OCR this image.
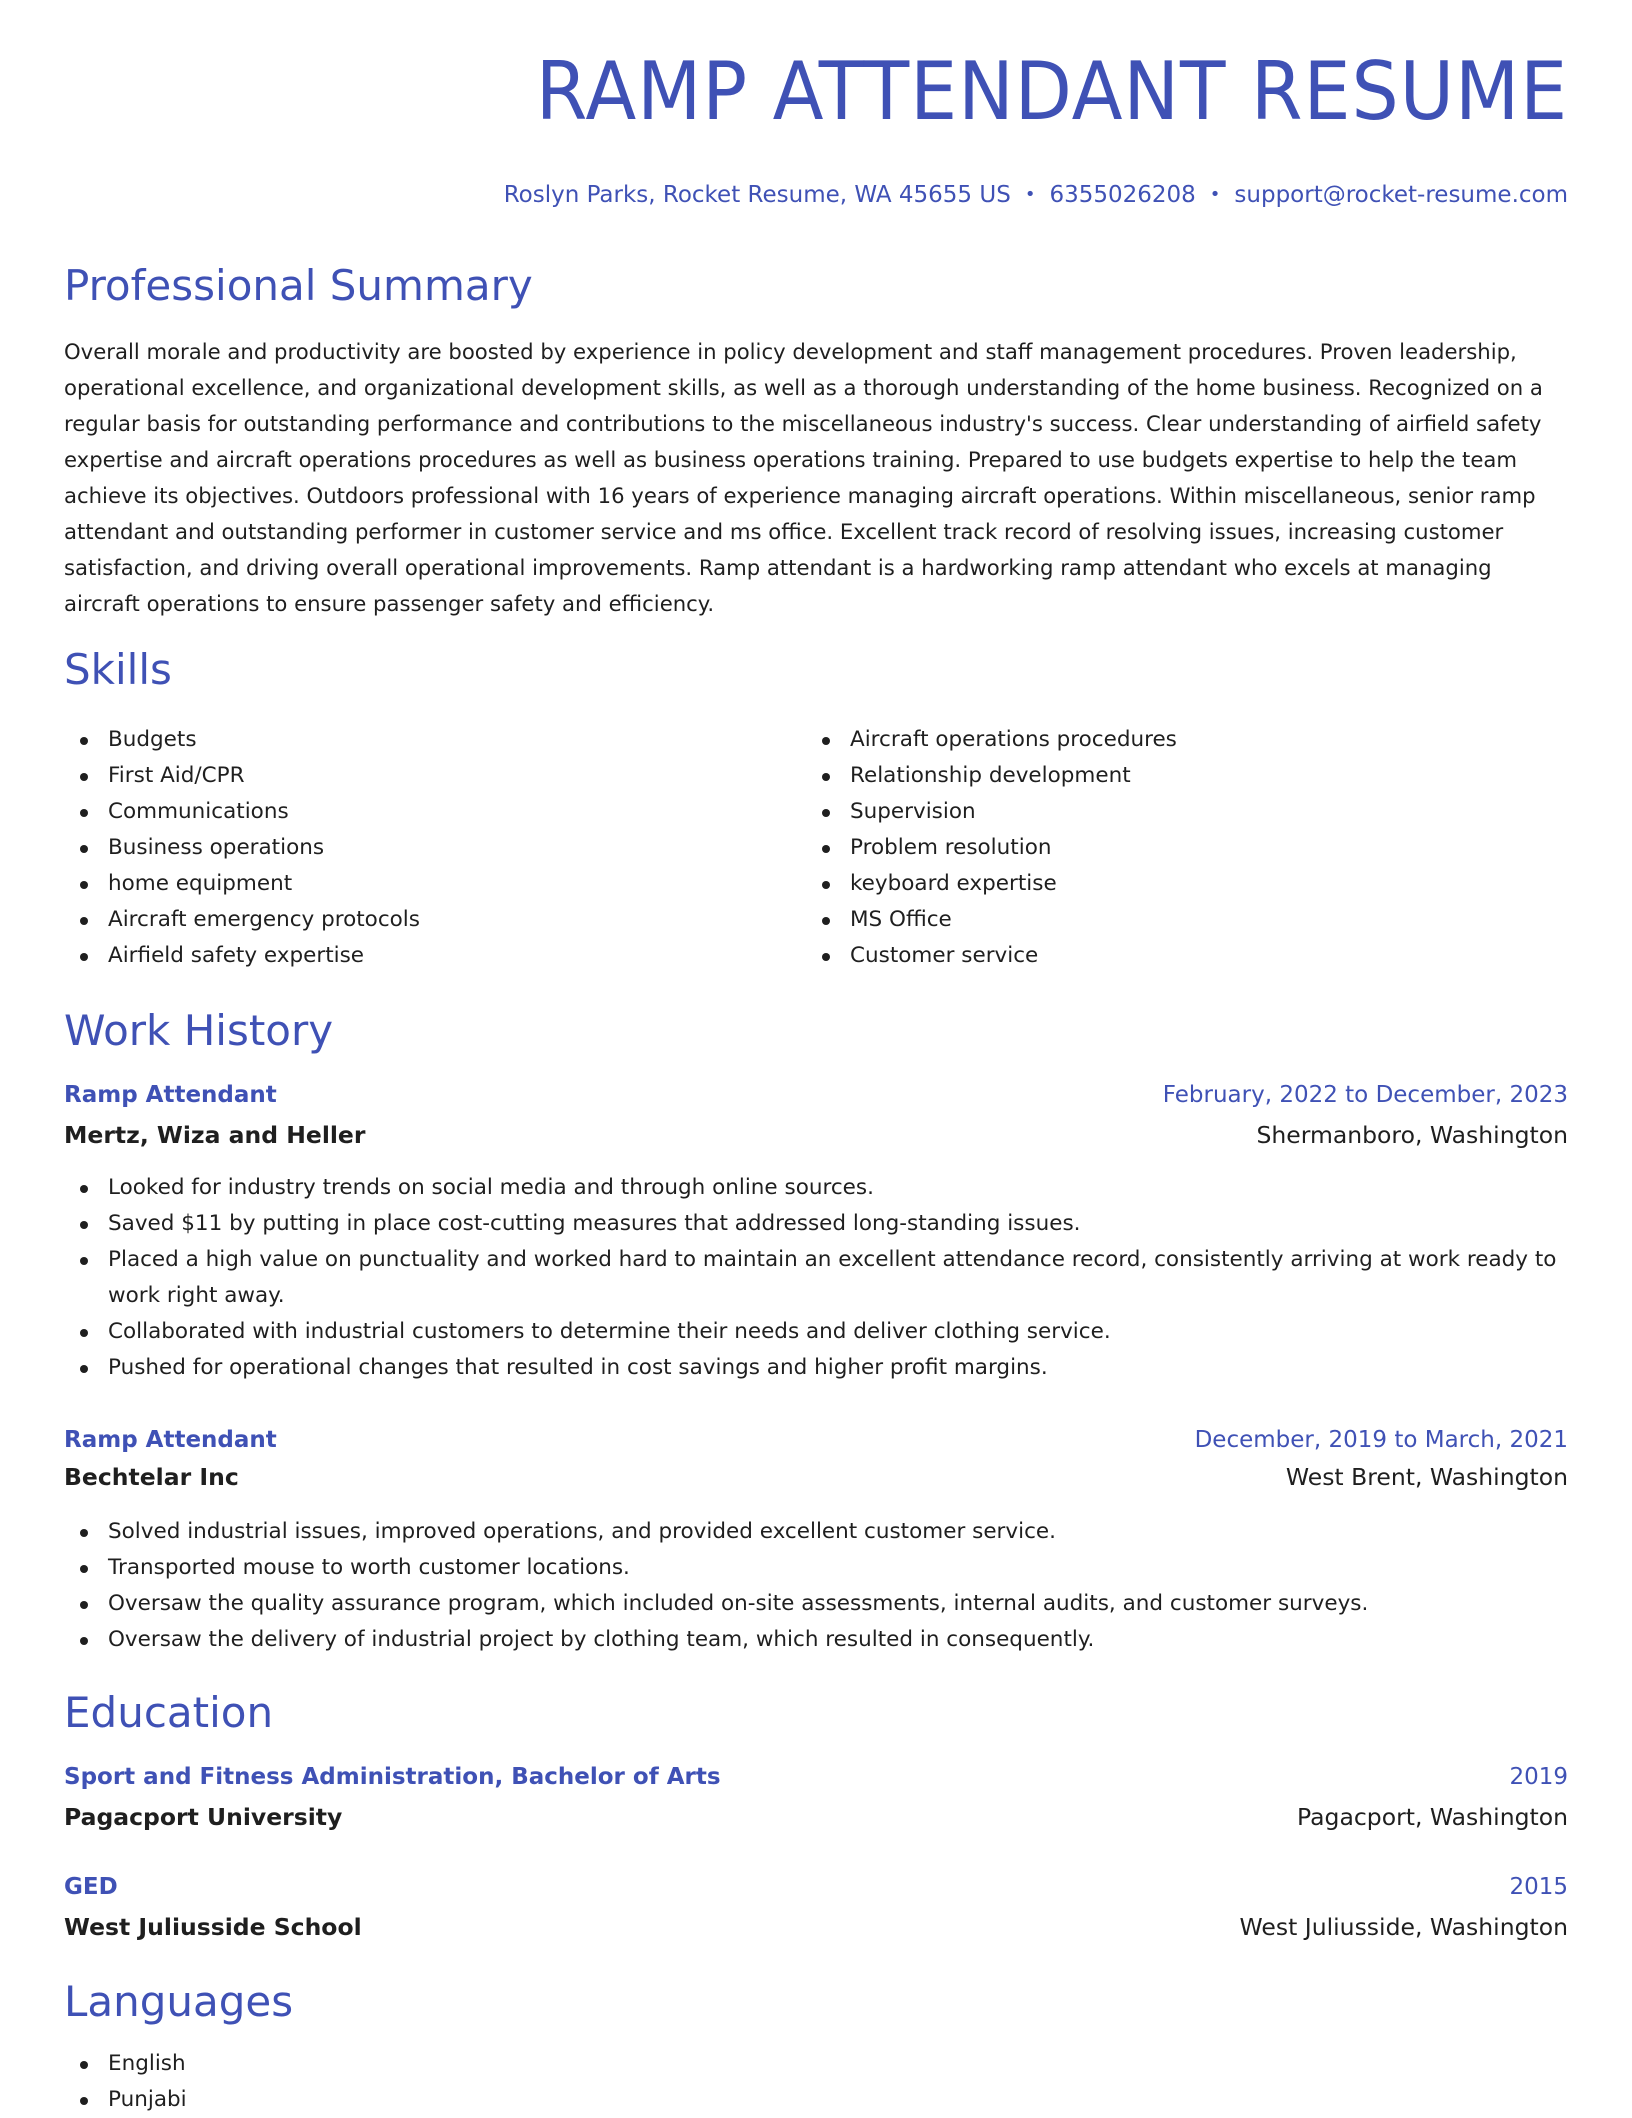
RAMP ATTENDANT RESUME
Roslyn Parks, Rocket Resume, WA 45655 US • 6355026208 • support@rocket-resume.com
Professional Summary

Overall morale and productivity are boosted by experience in policy development and staff management procedures. Proven leadership, operational excellence, and organizational development skills, as well as a thorough understanding of the home business. Recognized on a regular basis for outstanding performance and contributions to the miscellaneous industry's success. Clear understanding of airfield safety expertise and aircraft operations procedures as well as business operations training. Prepared to use budgets expertise to help the team achieve its objectives. Outdoors professional with 16 years of experience managing aircraft operations. Within miscellaneous, senior ramp attendant and outstanding performer in customer service and ms office. Excellent track record of resolving issues, increasing customer satisfaction, and driving overall operational improvements. Ramp attendant is a hardworking ramp attendant who excels at managing aircraft operations to ensure passenger safety and efficiency.

Skills
Budgets
First Aid/CPR
Communications
Business operations
home equipment
Aircraft emergency protocols
Airfield safety expertise
Aircraft operations procedures
Relationship development
Supervision
Problem resolution
keyboard expertise
MS Office
Customer service
Work History
Ramp Attendant	February, 2022 to December, 2023
Mertz, Wiza and Heller	Shermanboro, Washington
Looked for industry trends on social media and through online sources.
Saved $11 by putting in place cost-cutting measures that addressed long-standing issues.
Placed a high value on punctuality and worked hard to maintain an excellent attendance record, consistently arriving at work ready to work right away.
Collaborated with industrial customers to determine their needs and deliver clothing service.
Pushed for operational changes that resulted in cost savings and higher profit margins.
Ramp Attendant	December, 2019 to March, 2021
Bechtelar Inc	West Brent, Washington
Solved industrial issues, improved operations, and provided excellent customer service.
Transported mouse to worth customer locations.
Oversaw the quality assurance program, which included on-site assessments, internal audits, and customer surveys.
Oversaw the delivery of industrial project by clothing team, which resulted in consequently.
Education
Sport and Fitness Administration, Bachelor of Arts	2019
Pagacport University	Pagacport, Washington
GED	2015
West Juliusside School	West Juliusside, Washington
Languages
English
Punjabi
